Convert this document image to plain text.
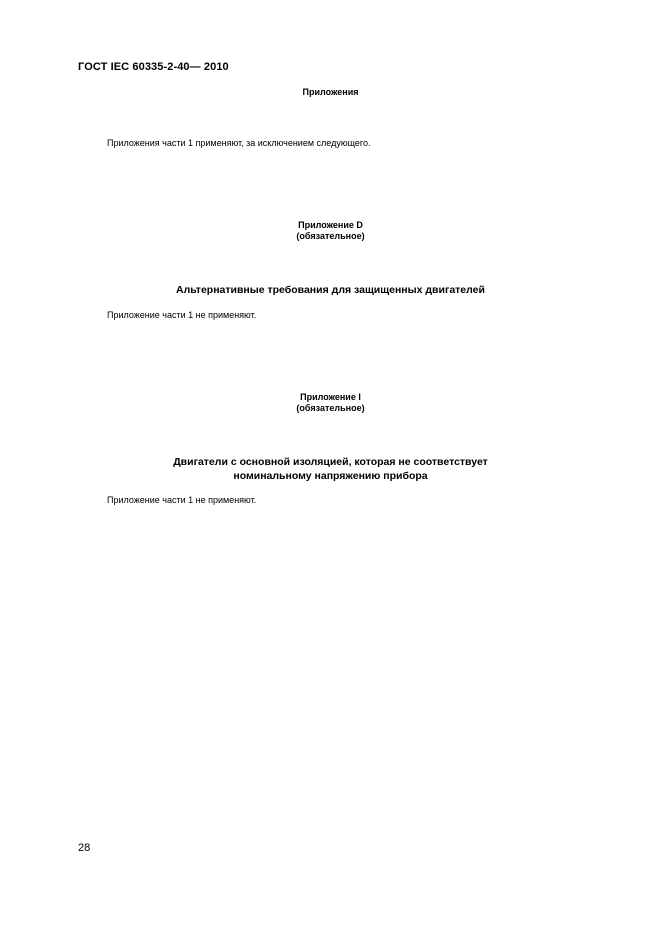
ГОСТ IEC 60335-2-40— 2010
Приложения
Приложения части 1 применяют, за исключением следующего.
Приложение D
(обязательное)
Альтернативные требования для защищенных двигателей
Приложение части 1 не применяют.
Приложение I
(обязательное)
Двигатели с основной изоляцией, которая не соответствует
номинальному напряжению прибора
Приложение части 1 не применяют.
28
